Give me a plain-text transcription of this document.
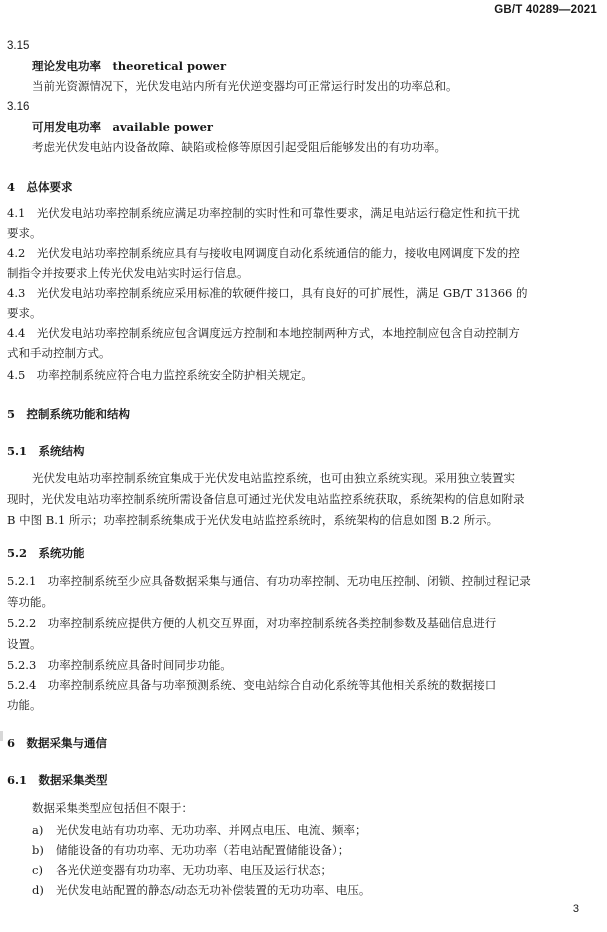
GB/T 40289—2021
3.15
理论发电功率　theoretical power
当前光资源情况下，光伏发电站内所有光伏逆变器均可正常运行时发出的功率总和。
3.16
可用发电功率　available power
考虑光伏发电站内设备故障、缺陷或检修等原因引起受阻后能够发出的有功功率。
4　总体要求
4.1　光伏发电站功率控制系统应满足功率控制的实时性和可靠性要求，满足电站运行稳定性和抗干扰
要求。
4.2　光伏发电站功率控制系统应具有与接收电网调度自动化系统通信的能力，接收电网调度下发的控
制指令并按要求上传光伏发电站实时运行信息。
4.3　光伏发电站功率控制系统应采用标准的软硬件接口，具有良好的可扩展性，满足 GB/T 31366 的
要求。
4.4　光伏发电站功率控制系统应包含调度远方控制和本地控制两种方式，本地控制应包含自动控制方
式和手动控制方式。
4.5　功率控制系统应符合电力监控系统安全防护相关规定。
5　控制系统功能和结构
5.1　系统结构
光伏发电站功率控制系统宜集成于光伏发电站监控系统，也可由独立系统实现。采用独立装置实
现时，光伏发电站功率控制系统所需设备信息可通过光伏发电站监控系统获取，系统架构的信息如附录
B 中图 B.1 所示；功率控制系统集成于光伏发电站监控系统时，系统架构的信息如图 B.2 所示。
5.2　系统功能
5.2.1　功率控制系统至少应具备数据采集与通信、有功功率控制、无功电压控制、闭锁、控制过程记录
等功能。
5.2.2　功率控制系统应提供方便的人机交互界面，对功率控制系统各类控制参数及基础信息进行
设置。
5.2.3　功率控制系统应具备时间同步功能。
5.2.4　功率控制系统应具备与功率预测系统、变电站综合自动化系统等其他相关系统的数据接口
功能。
6　数据采集与通信
6.1　数据采集类型
数据采集类型应包括但不限于：
a) 光伏发电站有功功率、无功功率、并网点电压、电流、频率；
b) 储能设备的有功功率、无功功率（若电站配置储能设备）；
c) 各光伏逆变器有功功率、无功功率、电压及运行状态；
d) 光伏发电站配置的静态/动态无功补偿装置的无功功率、电压。
3
